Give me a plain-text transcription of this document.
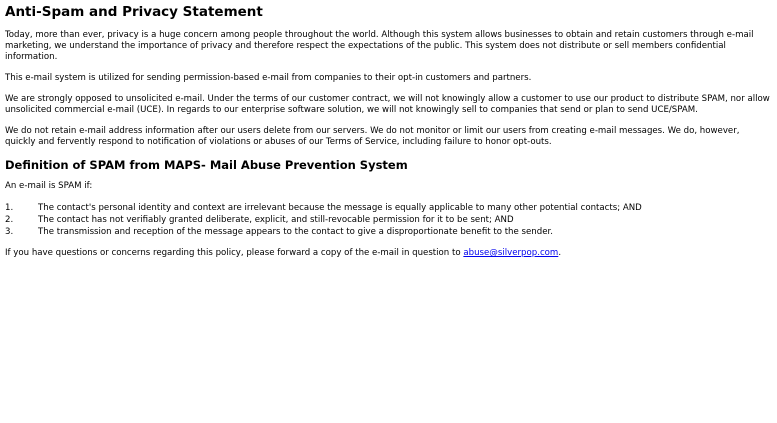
Anti-Spam and Privacy Statement

Today, more than ever, privacy is a huge concern among people throughout the world. Although this system allows businesses to obtain and retain customers through e-mail marketing, we understand the importance of privacy and therefore respect the expectations of the public. This system does not distribute or sell members confidential information.

This e-mail system is utilized for sending permission-based e-mail from companies to their opt-in customers and partners.

We are strongly opposed to unsolicited e-mail. Under the terms of our customer contract, we will not knowingly allow a customer to use our product to distribute SPAM, nor allow unsolicited commercial e-mail (UCE). In regards to our enterprise software solution, we will not knowingly sell to companies that send or plan to send UCE/SPAM.

We do not retain e-mail address information after our users delete from our servers. We do not monitor or limit our users from creating e-mail messages. We do, however, quickly and fervently respond to notification of violations or abuses of our Terms of Service, including failure to honor opt-outs.

Definition of SPAM from MAPS- Mail Abuse Prevention System

An e-mail is SPAM if:

1.	The contact's personal identity and context are irrelevant because the message is equally applicable to many other potential contacts; AND
2.	The contact has not verifiably granted deliberate, explicit, and still-revocable permission for it to be sent; AND
3.	The transmission and reception of the message appears to the contact to give a disproportionate benefit to the sender.

If you have questions or concerns regarding this policy, please forward a copy of the e-mail in question to abuse@silverpop.com.
